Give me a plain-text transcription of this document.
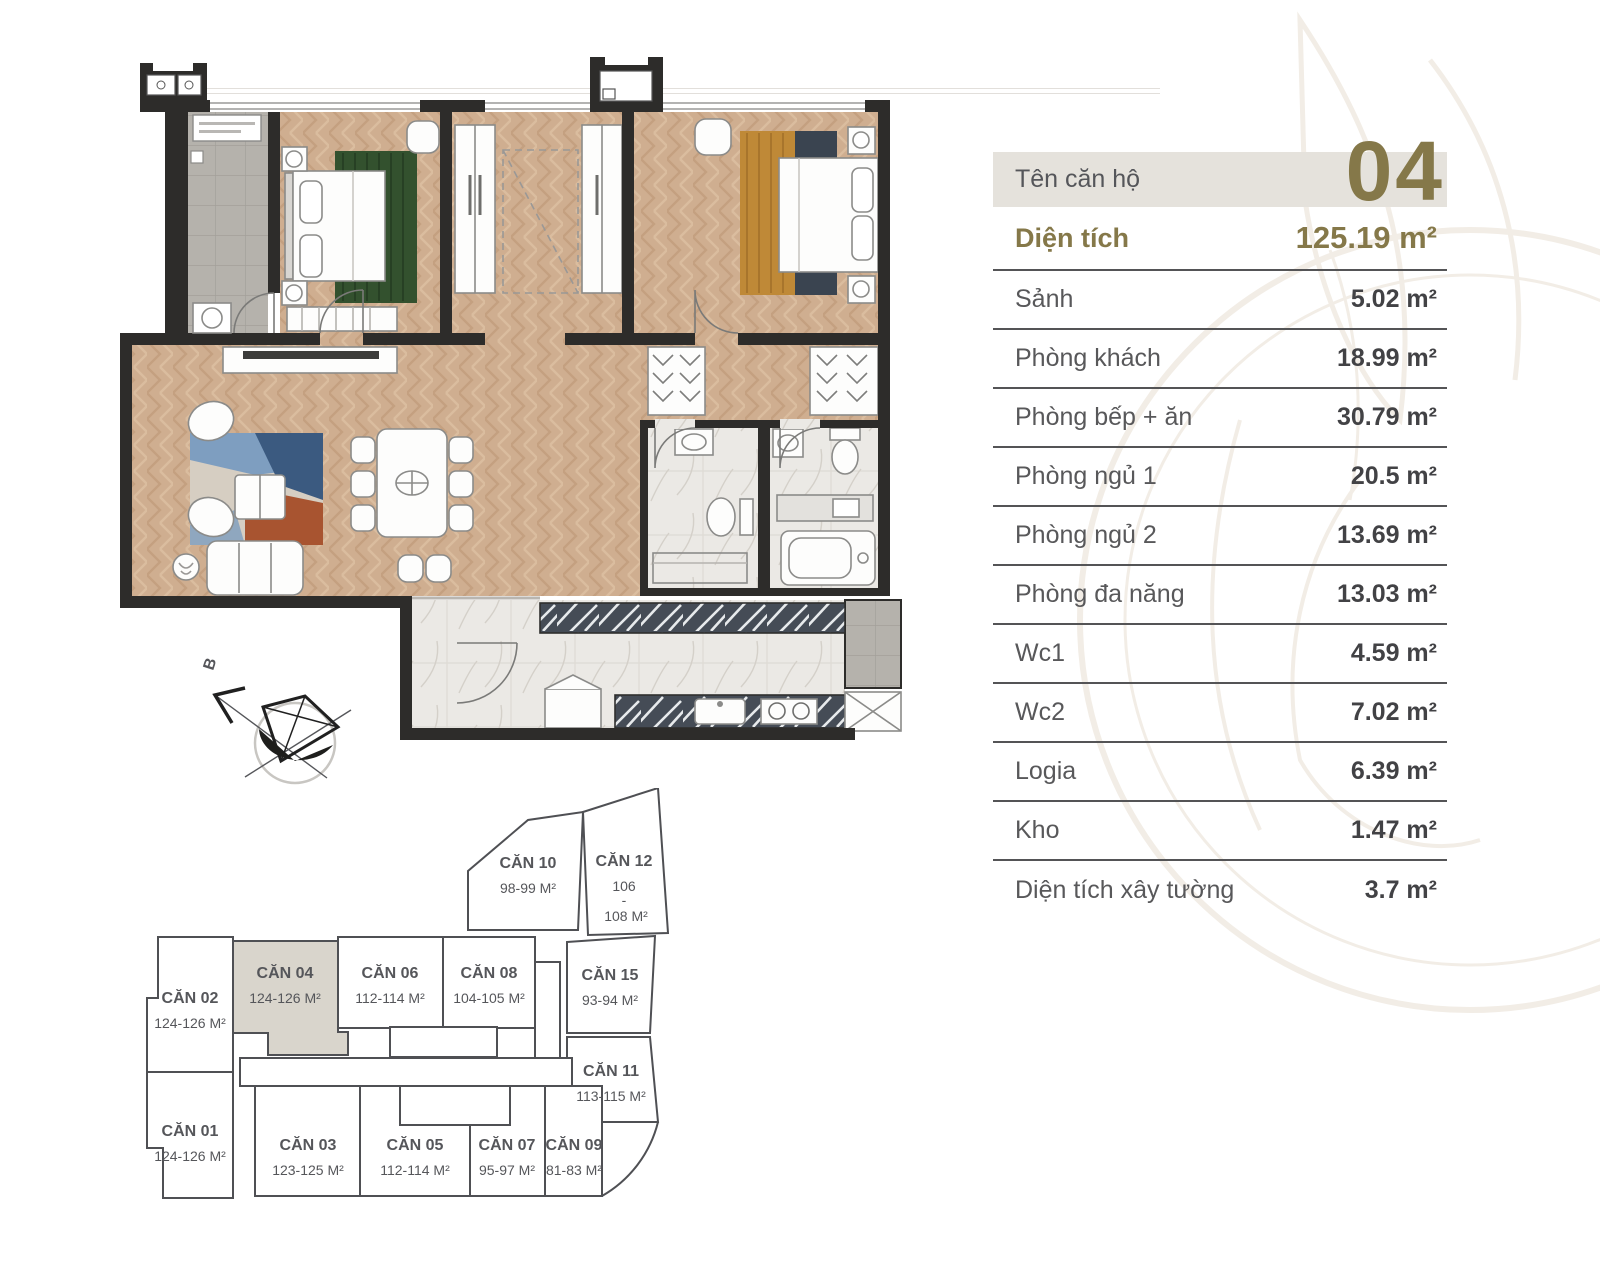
B
Tên căn hộ 04
Diện tích	125.19 m²
Sảnh	5.02 m²
Phòng khách	18.99 m²
Phòng bếp + ăn	30.79 m²
Phòng ngủ 1	20.5 m²
Phòng ngủ 2	13.69 m²
Phòng đa năng	13.03 m²
Wc1	4.59 m²
Wc2	7.02 m²
Logia	6.39 m²
Kho	1.47 m²
Diện tích xây tường	3.7 m²
CĂN 02
124-126 M²
CĂN 04
124-126 M²
CĂN 06
112-114 M²
CĂN 08
104-105 M²
CĂN 10
98-99 M²
CĂN 12
106
-
108 M²
CĂN 15
93-94 M²
CĂN 11
113-115 M²
CĂN 01
124-126 M²
CĂN 03
123-125 M²
CĂN 05
112-114 M²
CĂN 07
95-97 M²
CĂN 09
81-83 M²
